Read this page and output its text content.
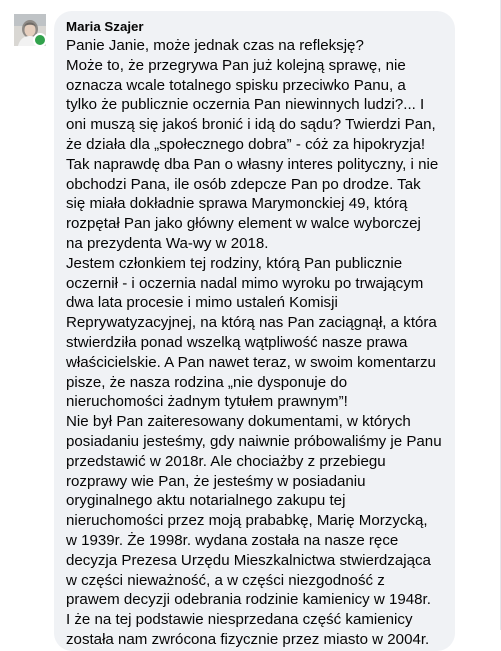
Maria Szajer
Panie Janie, może jednak czas na refleksję?
Może to, że przegrywa Pan już kolejną sprawę, nie
oznacza wcale totalnego spisku przeciwko Panu, a
tylko że publicznie oczernia Pan niewinnych ludzi?... I
oni muszą się jakoś bronić i idą do sądu? Twierdzi Pan,
że działa dla „społecznego dobra” - cóż za hipokryzja!
Tak naprawdę dba Pan o własny interes polityczny, i nie
obchodzi Pana, ile osób zdepcze Pan po drodze. Tak
się miała dokładnie sprawa Marymonckiej 49, którą
rozpętał Pan jako główny element w walce wyborczej
na prezydenta Wa-wy w 2018.
Jestem członkiem tej rodziny, którą Pan publicznie
oczernił - i oczernia nadal mimo wyroku po trwającym
dwa lata procesie i mimo ustaleń Komisji
Reprywatyzacyjnej, na którą nas Pan zaciągnął, a która
stwierdziła ponad wszelką wątpliwość nasze prawa
właścicielskie. A Pan nawet teraz, w swoim komentarzu
pisze, że nasza rodzina „nie dysponuje do
nieruchomości żadnym tytułem prawnym”!
Nie był Pan zaiteresowany dokumentami, w których
posiadaniu jesteśmy, gdy naiwnie próbowaliśmy je Panu
przedstawić w 2018r. Ale chociażby z przebiegu
rozprawy wie Pan, że jesteśmy w posiadaniu
oryginalnego aktu notarialnego zakupu tej
nieruchomości przez moją prababkę, Marię Morzycką,
w 1939r. Że 1998r. wydana została na nasze ręce
decyzja Prezesa Urzędu Mieszkalnictwa stwierdzająca
w części nieważność, a w części niezgodność z
prawem decyzji odebrania rodzinie kamienicy w 1948r.
I że na tej podstawie niesprzedana część kamienicy
została nam zwrócona fizycznie przez miasto w 2004r.
